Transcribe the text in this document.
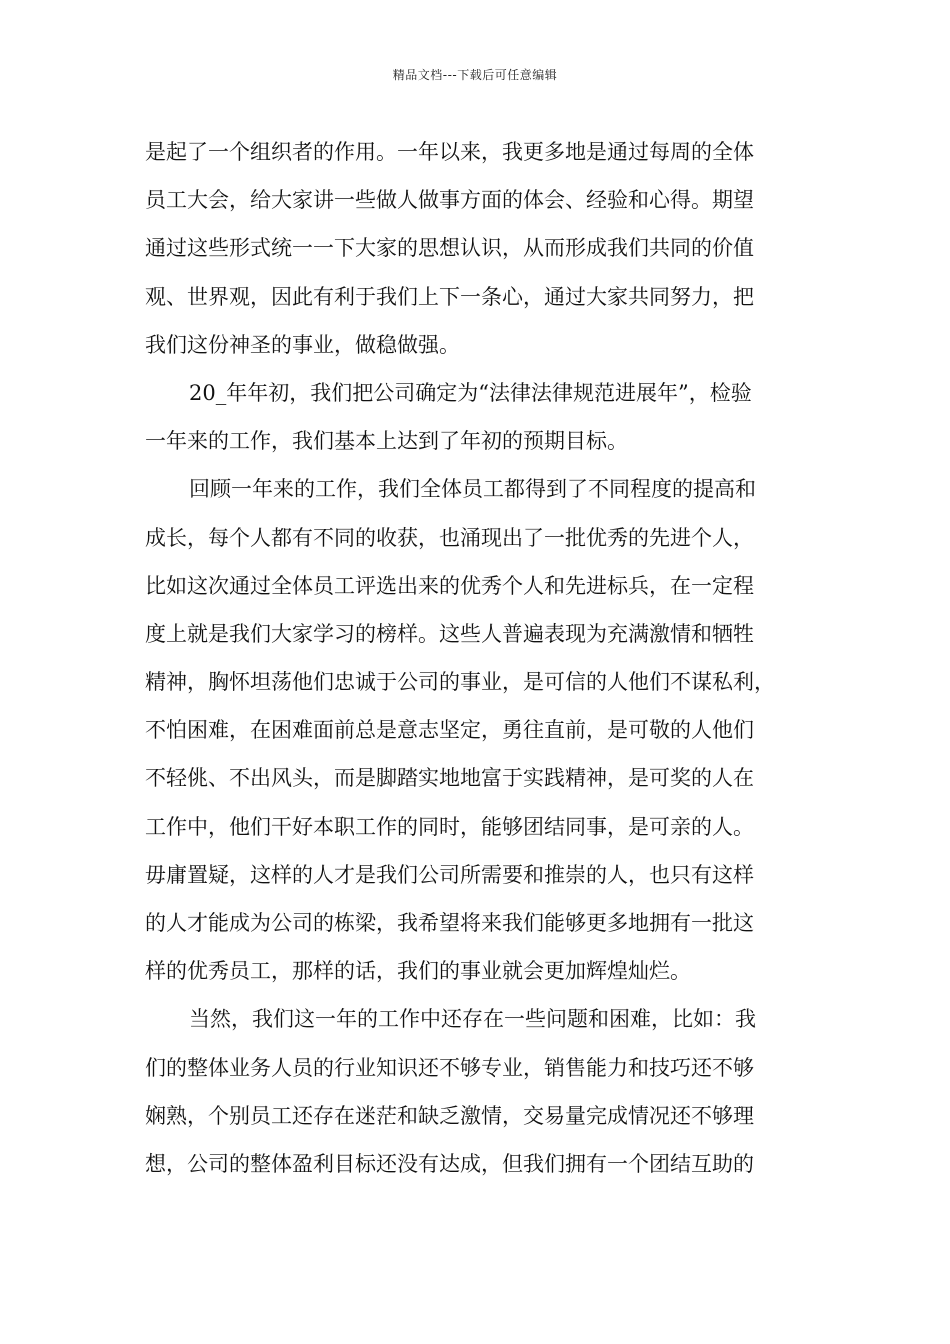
精品文档---下载后可任意编辑
是起了一个组织者的作用。一年以来，我更多地是通过每周的全体
员工大会，给大家讲一些做人做事方面的体会、经验和心得。期望
通过这些形式统一一下大家的思想认识，从而形成我们共同的价值
观、世界观，因此有利于我们上下一条心，通过大家共同努力，把
我们这份神圣的事业，做稳做强。
20_年年初，我们把公司确定为“法律法律规范进展年”，检验
一年来的工作，我们基本上达到了年初的预期目标。
回顾一年来的工作，我们全体员工都得到了不同程度的提高和
成长，每个人都有不同的收获，也涌现出了一批优秀的先进个人，
比如这次通过全体员工评选出来的优秀个人和先进标兵，在一定程
度上就是我们大家学习的榜样。这些人普遍表现为充满激情和牺牲
精神，胸怀坦荡他们忠诚于公司的事业，是可信的人他们不谋私利，
不怕困难，在困难面前总是意志坚定，勇往直前，是可敬的人他们
不轻佻、不出风头，而是脚踏实地地富于实践精神，是可奖的人在
工作中，他们干好本职工作的同时，能够团结同事，是可亲的人。
毋庸置疑，这样的人才是我们公司所需要和推崇的人，也只有这样
的人才能成为公司的栋梁，我希望将来我们能够更多地拥有一批这
样的优秀员工，那样的话，我们的事业就会更加辉煌灿烂。
当然，我们这一年的工作中还存在一些问题和困难，比如：我
们的整体业务人员的行业知识还不够专业，销售能力和技巧还不够
娴熟，个别员工还存在迷茫和缺乏激情，交易量完成情况还不够理
想，公司的整体盈利目标还没有达成，但我们拥有一个团结互助的
